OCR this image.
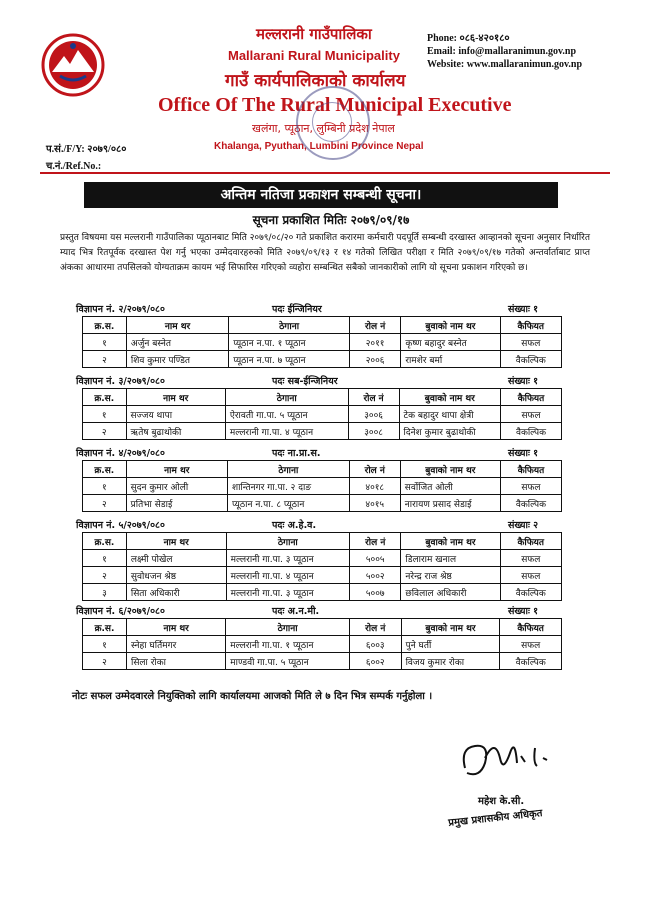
मल्लरानी गाउँपालिका
Mallarani Rural Municipality
गाउँ कार्यपालिकाको कार्यालय
Office Of The Rural Municipal Executive
खलंगा, प्यूठान, लुम्बिनी प्रदेश नेपाल
Khalanga, Pyuthan, Lumbini Province Nepal
Phone: ०८६-४२०१८०
Email: info@mallaranimun.gov.np
Website: www.mallaranimun.gov.np
प.सं./F/Y: २०७९/०८०
च.नं./Ref.No.:
अन्तिम नतिजा प्रकाशन सम्बन्धी सूचना।
सूचना प्रकाशित मितिः २०७९/०९/१७
प्रस्तुत विषयमा यस मल्लरानी गाउँपालिका प्यूठानबाट मिति २०७९/०८/२० गते प्रकाशित करारमा कर्मचारी पदपूर्ति सम्बन्धी दरखास्त आव्हानको सूचना अनुसार निर्धारित म्याद भित्र रितपूर्वक दरखास्त पेश गर्नु भएका उम्मेदवारहरुको मिति २०७९/०९/१३ र १४ गतेको लिखित परीक्षा र मिति २०७९/०९/१७ गतेको अन्तर्वार्ताबाट प्राप्त अंकका आधारमा तपसिलको योग्यताक्रम कायम भई सिफारिस गरिएको व्यहोरा सम्बन्धित सबैको जानकारीको लागि यो सूचना प्रकाशन गरिएको छ।
विज्ञापन नं. २/२०७९/०८०	पदः ईन्जिनियर	संख्याः १
क्र.स.	नाम थर	ठेगाना	रोल नं	बुवाको नाम थर	कैफियत
१	अर्जुन बस्नेत	प्यूठान न.पा. १ प्यूठान	२०११	कृष्ण बहादुर बस्नेत	सफल
२	शिव कुमार पण्डित	प्यूठान न.पा. ७ प्यूठान	२००६	रामशेर बर्मा	वैकल्पिक
विज्ञापन नं. ३/२०७९/०८०	पदः सब-ईन्जिनियर	संख्याः १
क्र.स.	नाम थर	ठेगाना	रोल नं	बुवाको नाम थर	कैफियत
१	सज्जय थापा	ऐरावती गा.पा. ५ प्यूठान	३००६	टेक बहादुर थापा क्षेत्री	सफल
२	ऋतेष बुढाथोकी	मल्लरानी गा.पा. ४ प्यूठान	३००८	दिनेश कुमार बुढाथोकी	वैकल्पिक
विज्ञापन नं. ४/२०७९/०८०	पदः ना.प्रा.स.	संख्याः १
क्र.स.	नाम थर	ठेगाना	रोल नं	बुवाको नाम थर	कैफियत
१	सुदन कुमार ओली	शान्तिनगर गा.पा. २ दाङ	४०१८	सर्वोजित ओली	सफल
२	प्रतिभा सेडाई	प्यूठान न.पा. ८ प्यूठान	४०१५	नारायण प्रसाद सेडाई	वैकल्पिक
विज्ञापन नं. ५/२०७९/०८०	पदः अ.हे.व.	संख्याः २
क्र.स.	नाम थर	ठेगाना	रोल नं	बुवाको नाम थर	कैफियत
१	लक्ष्मी पोखेल	मल्लरानी गा.पा. ३ प्यूठान	५००५	डिलाराम खनाल	सफल
२	सुवोधजन श्रेष्ठ	मल्लरानी गा.पा. ४ प्यूठान	५००२	नरेन्द्र राज श्रेष्ठ	सफल
३	सिता अधिकारी	मल्लरानी गा.पा. ३ प्यूठान	५००७	छविलाल अधिकारी	वैकल्पिक
विज्ञापन नं. ६/२०७९/०८०	पदः अ.न.मी.	संख्याः १
क्र.स.	नाम थर	ठेगाना	रोल नं	बुवाको नाम थर	कैफियत
१	स्नेहा घर्तिमगर	मल्लरानी गा.पा. १ प्यूठान	६००३	पुने घर्ती	सफल
२	सिला रोका	माण्डवी गा.पा. ५ प्यूठान	६००२	विजय कुमार रोका	वैकल्पिक
नोटः सफल उम्मेदवारले नियुक्तिको लागि कार्यालयमा आजको मिति ले ७ दिन भित्र सम्पर्क गर्नुहोला ।
महेश के.सी.
प्रमुख प्रशासकीय अधिकृत
